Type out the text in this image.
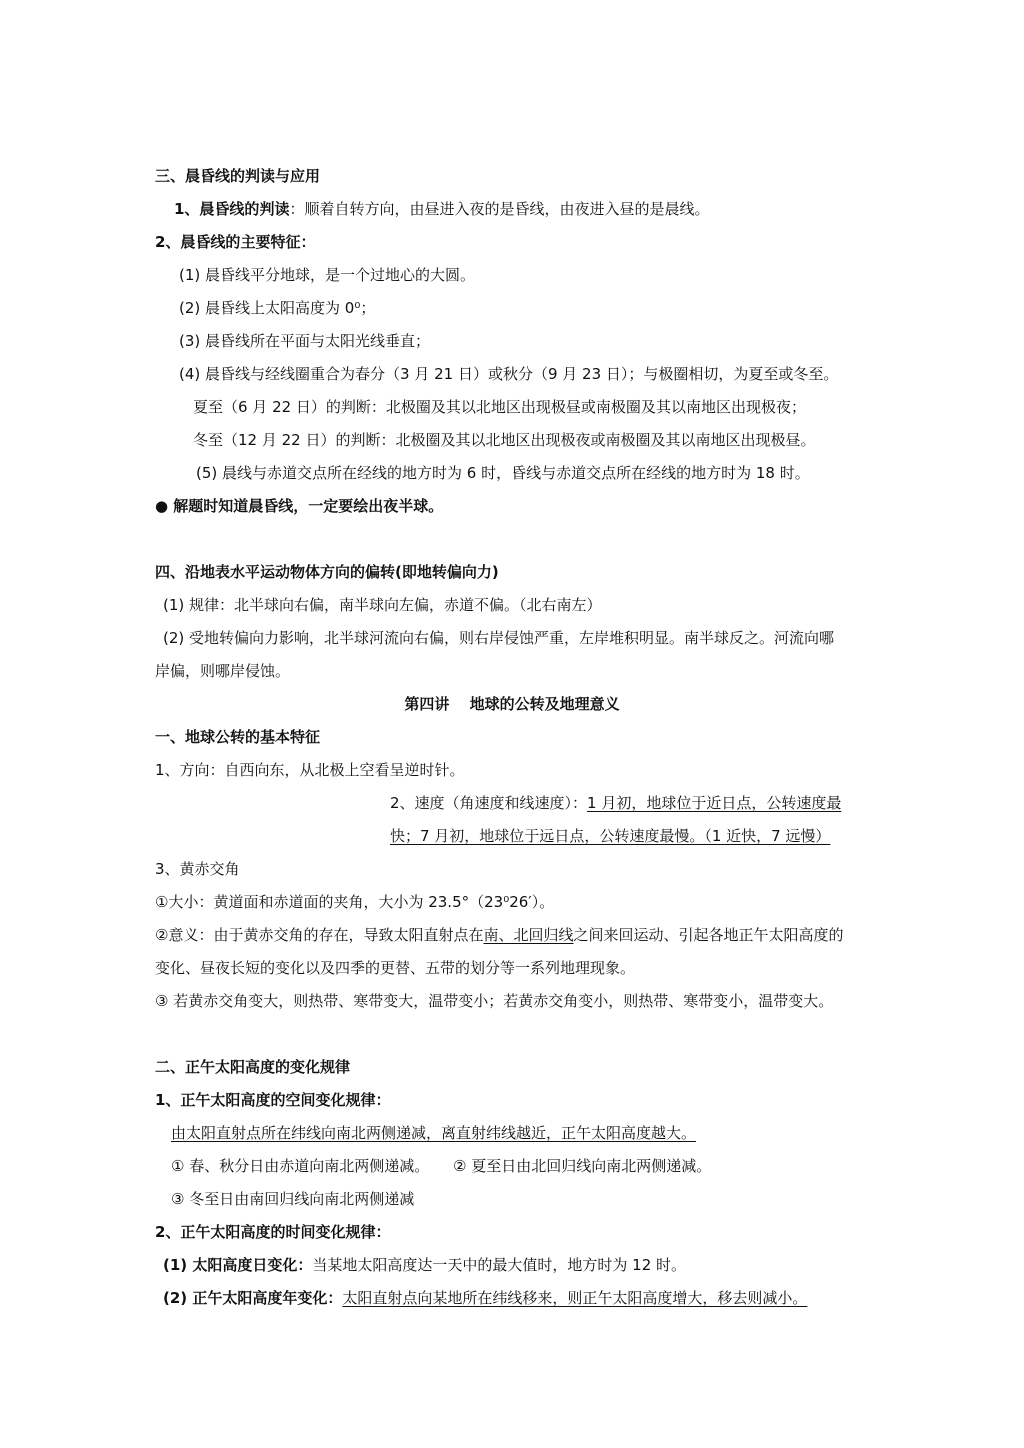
三、晨昏线的判读与应用
1、晨昏线的判读：顺着自转方向，由昼进入夜的是昏线，由夜进入昼的是晨线。
2、晨昏线的主要特征：
(1) 晨昏线平分地球，是一个过地心的大圆。
(2) 晨昏线上太阳高度为 0⁰；
(3) 晨昏线所在平面与太阳光线垂直；
(4) 晨昏线与经线圈重合为春分（3 月 21 日）或秋分（9 月 23 日）；与极圈相切，为夏至或冬至。
夏至（6 月 22 日）的判断：北极圈及其以北地区出现极昼或南极圈及其以南地区出现极夜；
冬至（12 月 22 日）的判断：北极圈及其以北地区出现极夜或南极圈及其以南地区出现极昼。
(5) 晨线与赤道交点所在经线的地方时为 6 时，昏线与赤道交点所在经线的地方时为 18 时。
● 解题时知道晨昏线，一定要绘出夜半球。
四、沿地表水平运动物体方向的偏转(即地转偏向力)
(1) 规律：北半球向右偏，南半球向左偏，赤道不偏。（北右南左）
(2) 受地转偏向力影响，北半球河流向右偏，则右岸侵蚀严重，左岸堆积明显。南半球反之。河流向哪
岸偏，则哪岸侵蚀。
第四讲　 地球的公转及地理意义
一、地球公转的基本特征
1、方向：自西向东，从北极上空看呈逆时针。
2、速度（角速度和线速度）：1 月初，地球位于近日点，公转速度最
快；7 月初，地球位于远日点，公转速度最慢。（1 近快，7 远慢）
3、黄赤交角
①大小：黄道面和赤道面的夹角，大小为 23.5°（23⁰26′）。
②意义：由于黄赤交角的存在，导致太阳直射点在南、北回归线之间来回运动、引起各地正午太阳高度的
变化、昼夜长短的变化以及四季的更替、五带的划分等一系列地理现象。
③ 若黄赤交角变大，则热带、寒带变大，温带变小；若黄赤交角变小，则热带、寒带变小，温带变大。
二、正午太阳高度的变化规律
1、正午太阳高度的空间变化规律：
由太阳直射点所在纬线向南北两侧递减，离直射纬线越近，正午太阳高度越大。
① 春、秋分日由赤道向南北两侧递减。 ② 夏至日由北回归线向南北两侧递减。
③ 冬至日由南回归线向南北两侧递减
2、正午太阳高度的时间变化规律：
(1) 太阳高度日变化：当某地太阳高度达一天中的最大值时，地方时为 12 时。
(2) 正午太阳高度年变化：太阳直射点向某地所在纬线移来，则正午太阳高度增大，移去则减小。
